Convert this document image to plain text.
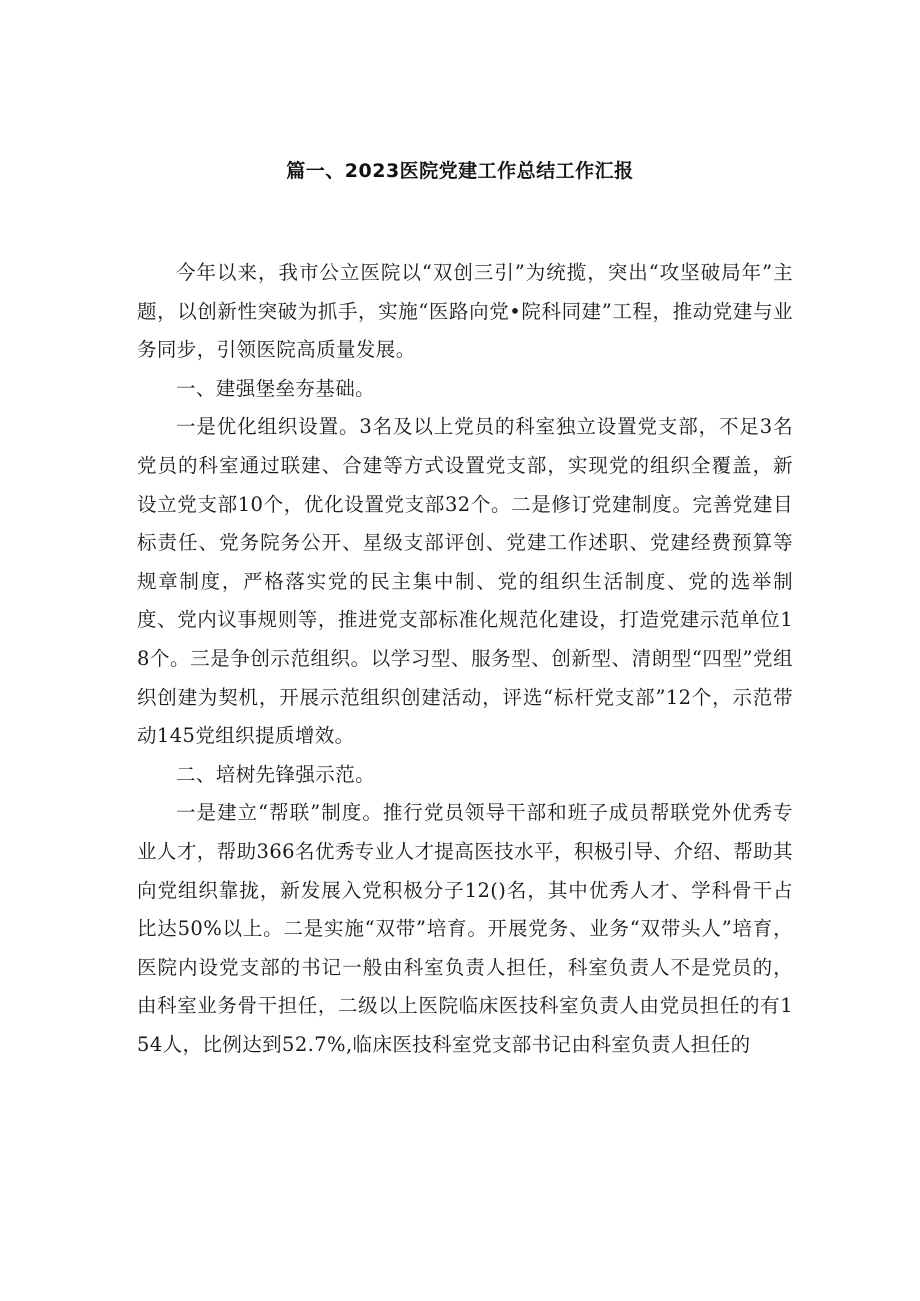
篇一、2023医院党建工作总结工作汇报

今年以来，我市公立医院以“双创三引”为统揽，突出“攻坚破局年”主题，以创新性突破为抓手，实施“医路向党•院科同建”工程，推动党建与业务同步，引领医院高质量发展。

一、建强堡垒夯基础。

一是优化组织设置。3名及以上党员的科室独立设置党支部，不足3名党员的科室通过联建、合建等方式设置党支部，实现党的组织全覆盖，新设立党支部10个，优化设置党支部32个。二是修订党建制度。完善党建目标责任、党务院务公开、星级支部评创、党建工作述职、党建经费预算等规章制度，严格落实党的民主集中制、党的组织生活制度、党的选举制度、党内议事规则等，推进党支部标准化规范化建设，打造党建示范单位18个。三是争创示范组织。以学习型、服务型、创新型、清朗型“四型”党组织创建为契机，开展示范组织创建活动，评选“标杆党支部”12个，示范带动145党组织提质增效。

二、培树先锋强示范。

一是建立“帮联”制度。推行党员领导干部和班子成员帮联党外优秀专业人才，帮助366名优秀专业人才提高医技水平，积极引导、介绍、帮助其向党组织靠拢，新发展入党积极分子12()名，其中优秀人才、学科骨干占比达50%以上。二是实施“双带”培育。开展党务、业务“双带头人”培育，医院内设党支部的书记一般由科室负责人担任，科室负责人不是党员的，由科室业务骨干担任，二级以上医院临床医技科室负责人由党员担任的有154人，比例达到52.7%,临床医技科室党支部书记由科室负责人担任的
